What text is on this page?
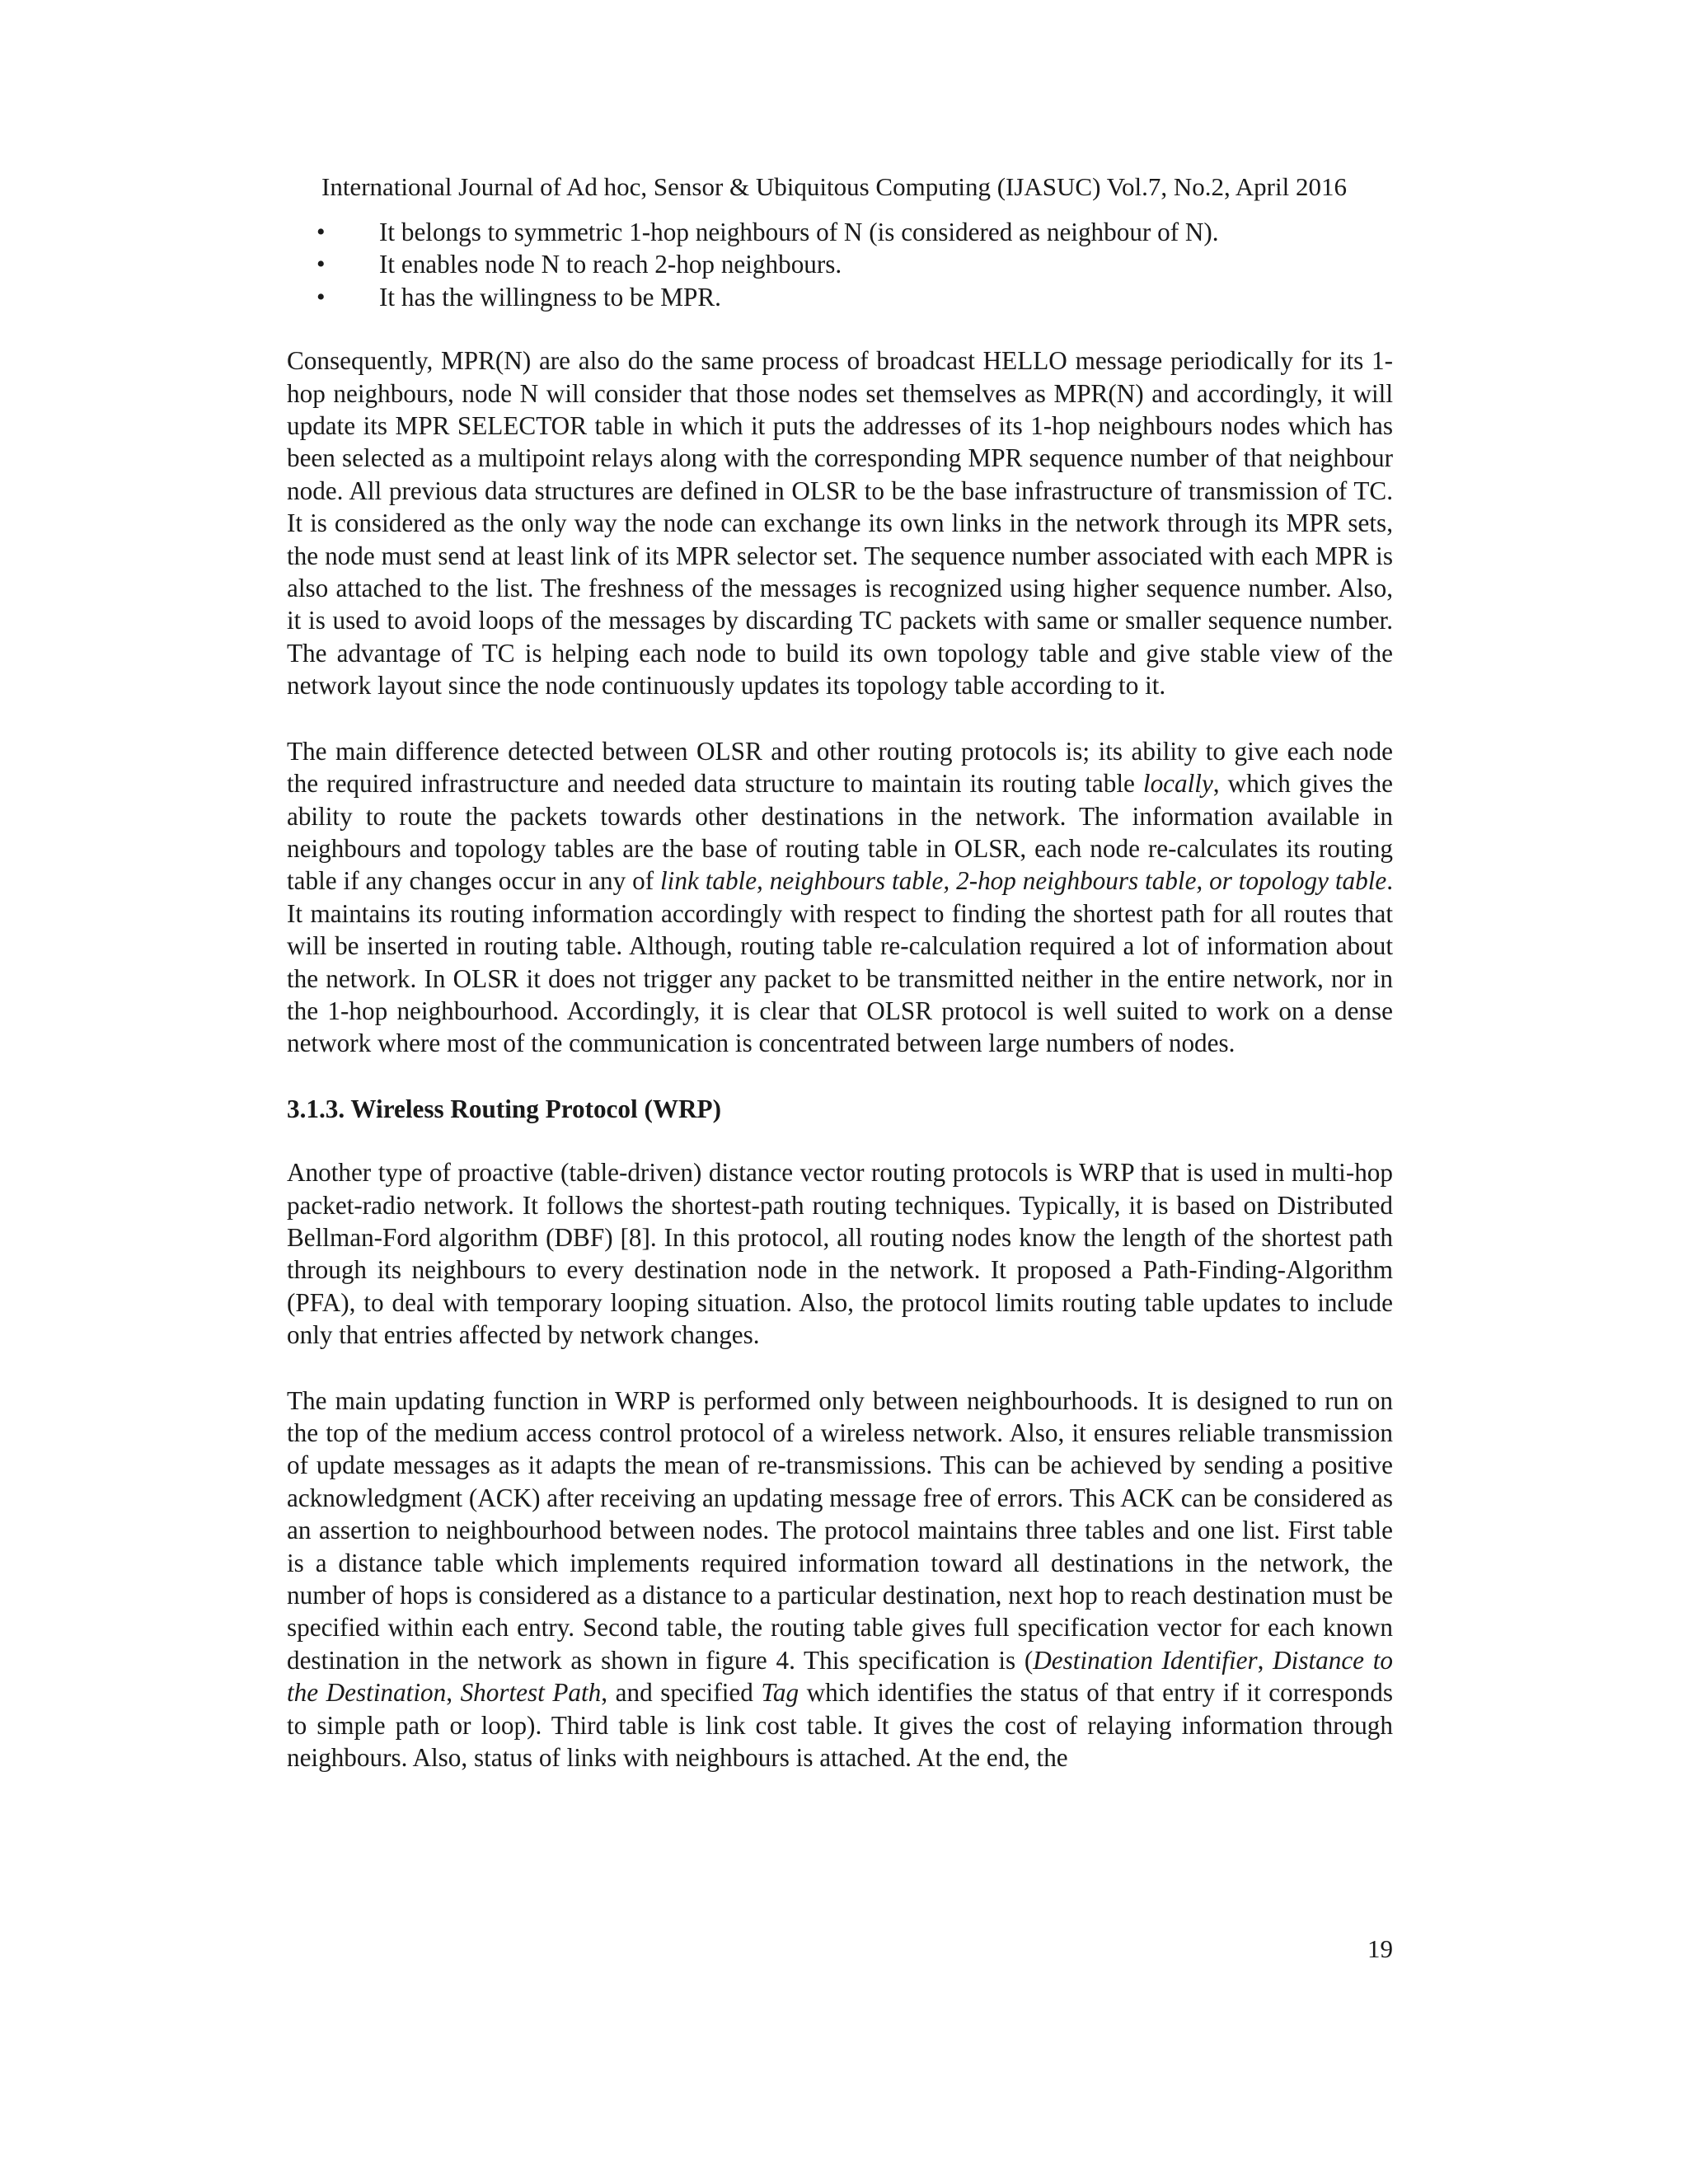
International Journal of Ad hoc, Sensor & Ubiquitous Computing (IJASUC) Vol.7, No.2, April 2016
• It belongs to symmetric 1-hop neighbours of N (is considered as neighbour of N).
• It enables node N to reach 2-hop neighbours.
• It has the willingness to be MPR.

Consequently, MPR(N) are also do the same process of broadcast HELLO message periodically for its 1-hop neighbours, node N will consider that those nodes set themselves as MPR(N) and accordingly, it will update its MPR SELECTOR table in which it puts the addresses of its 1-hop neighbours nodes which has been selected as a multipoint relays along with the corresponding MPR sequence number of that neighbour node. All previous data structures are defined in OLSR to be the base infrastructure of transmission of TC. It is considered as the only way the node can exchange its own links in the network through its MPR sets, the node must send at least link of its MPR selector set. The sequence number associated with each MPR is also attached to the list. The freshness of the messages is recognized using higher sequence number. Also, it is used to avoid loops of the messages by discarding TC packets with same or smaller sequence number. The advantage of TC is helping each node to build its own topology table and give stable view of the network layout since the node continuously updates its topology table according to it.

The main difference detected between OLSR and other routing protocols is; its ability to give each node the required infrastructure and needed data structure to maintain its routing table locally, which gives the ability to route the packets towards other destinations in the network. The information available in neighbours and topology tables are the base of routing table in OLSR, each node re-calculates its routing table if any changes occur in any of link table, neighbours table, 2-hop neighbours table, or topology table. It maintains its routing information accordingly with respect to finding the shortest path for all routes that will be inserted in routing table. Although, routing table re-calculation required a lot of information about the network. In OLSR it does not trigger any packet to be transmitted neither in the entire network, nor in the 1-hop neighbourhood. Accordingly, it is clear that OLSR protocol is well suited to work on a dense network where most of the communication is concentrated between large numbers of nodes.

3.1.3. Wireless Routing Protocol (WRP)

Another type of proactive (table-driven) distance vector routing protocols is WRP that is used in multi-hop packet-radio network. It follows the shortest-path routing techniques. Typically, it is based on Distributed Bellman-Ford algorithm (DBF) [8]. In this protocol, all routing nodes know the length of the shortest path through its neighbours to every destination node in the network. It proposed a Path-Finding-Algorithm (PFA), to deal with temporary looping situation. Also, the protocol limits routing table updates to include only that entries affected by network changes.

The main updating function in WRP is performed only between neighbourhoods. It is designed to run on the top of the medium access control protocol of a wireless network. Also, it ensures reliable transmission of update messages as it adapts the mean of re-transmissions. This can be achieved by sending a positive acknowledgment (ACK) after receiving an updating message free of errors. This ACK can be considered as an assertion to neighbourhood between nodes. The protocol maintains three tables and one list. First table is a distance table which implements required information toward all destinations in the network, the number of hops is considered as a distance to a particular destination, next hop to reach destination must be specified within each entry. Second table, the routing table gives full specification vector for each known destination in the network as shown in figure 4. This specification is (Destination Identifier, Distance to the Destination, Shortest Path, and specified Tag which identifies the status of that entry if it corresponds to simple path or loop). Third table is link cost table. It gives the cost of relaying information through neighbours. Also, status of links with neighbours is attached. At the end, the

19
